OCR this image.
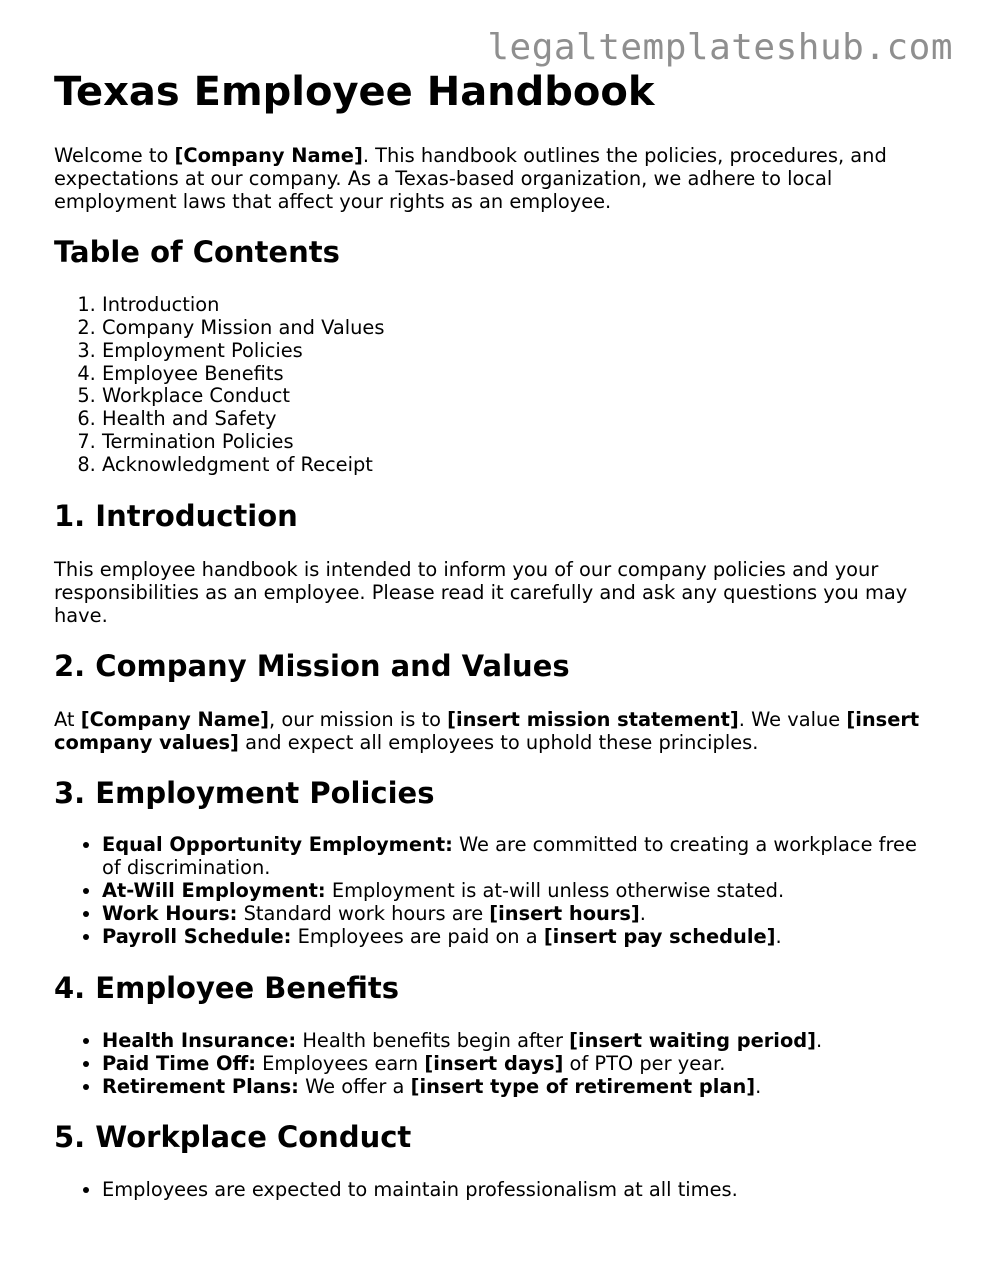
legaltemplateshub.com
Texas Employee Handbook

Welcome to [Company Name]. This handbook outlines the policies, procedures, and expectations at our company. As a Texas-based organization, we adhere to local employment laws that affect your rights as an employee.

Table of Contents
1. Introduction
2. Company Mission and Values
3. Employment Policies
4. Employee Benefits
5. Workplace Conduct
6. Health and Safety
7. Termination Policies
8. Acknowledgment of Receipt
1. Introduction

This employee handbook is intended to inform you of our company policies and your responsibilities as an employee. Please read it carefully and ask any questions you may have.

2. Company Mission and Values

At [Company Name], our mission is to [insert mission statement]. We value [insert company values] and expect all employees to uphold these principles.

3. Employment Policies
• Equal Opportunity Employment: We are committed to creating a workplace free of discrimination.
• At-Will Employment: Employment is at-will unless otherwise stated.
• Work Hours: Standard work hours are [insert hours].
• Payroll Schedule: Employees are paid on a [insert pay schedule].
4. Employee Benefits
• Health Insurance: Health benefits begin after [insert waiting period].
• Paid Time Off: Employees earn [insert days] of PTO per year.
• Retirement Plans: We offer a [insert type of retirement plan].
5. Workplace Conduct
• Employees are expected to maintain professionalism at all times.
